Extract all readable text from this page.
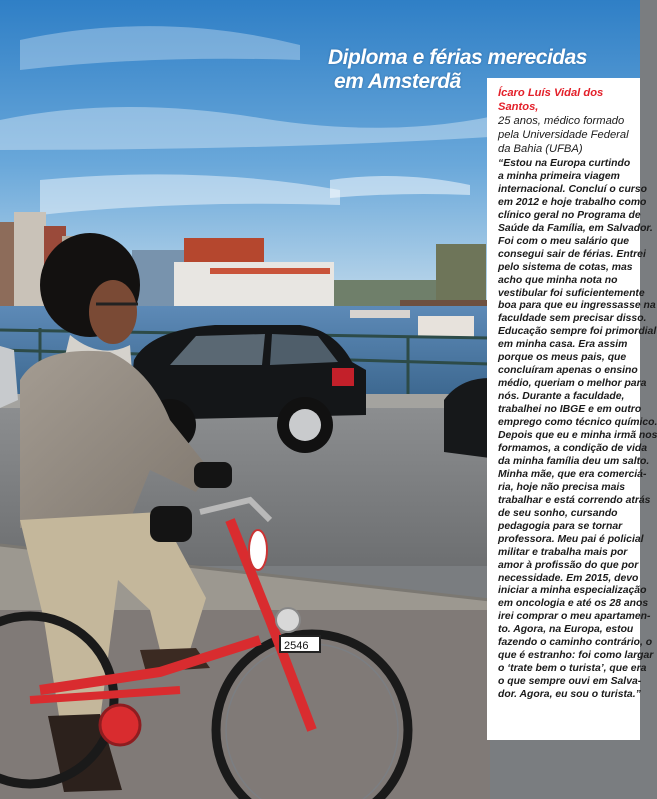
2546
Diploma e férias merecidas
em Amsterdã	Ícaro Luís Vidal dos Santos,
25 anos, médico formado
pela Universidade Federal
da Bahia (UFBA)
“Estou na Europa curtindo
a minha primeira viagem
internacional. Concluí o curso
em 2012 e hoje trabalho como
clínico geral no Programa de
Saúde da Família, em Salvador.
Foi com o meu salário que
consegui sair de férias. Entrei
pelo sistema de cotas, mas
acho que minha nota no
vestibular foi suficientemente
boa para que eu ingressasse na
faculdade sem precisar disso.
Educação sempre foi primordial
em minha casa. Era assim
porque os meus pais, que
concluíram apenas o ensino
médio, queriam o melhor para
nós. Durante a faculdade,
trabalhei no IBGE e em outro
emprego como técnico químico.
Depois que eu e minha irmã nos
formamos, a condição de vida
da minha família deu um salto.
Minha mãe, que era comerciá-
ria, hoje não precisa mais
trabalhar e está correndo atrás
de seu sonho, cursando
pedagogia para se tornar
professora. Meu pai é policial
militar e trabalha mais por
amor à profissão do que por
necessidade. Em 2015, devo
iniciar a minha especialização
em oncologia e até os 28 anos
irei comprar o meu apartamen-
to. Agora, na Europa, estou
fazendo o caminho contrário, o
que é estranho: foi como largar
o ‘trate bem o turista’, que era
o que sempre ouvi em Salva-
dor. Agora, eu sou o turista.”
